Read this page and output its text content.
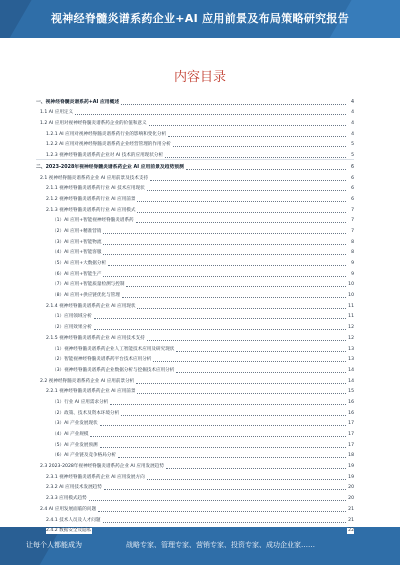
视神经脊髓炎谱系药企业+AI 应用前景及布局策略研究报告
内容目录
一、视神经脊髓炎谱系药+AI 应用概述	4
1.1 AI 应用定义	4
1.2 AI 应用对视神经脊髓炎谱系药企业的价值和意义	4
1.2.1 AI 应用对视神经脊髓炎谱系药行业的影响和变化分析	4
1.2.2 AI 应用对视神经脊髓炎谱系药企业经营管理的作用分析	5
1.2.3 视神经脊髓炎谱系药企业对 AI 技术的应用现状分析	5
二、2023-2028年视神经脊髓炎谱系药企业 AI 应用前景及趋势预测	6
2.1 视神经脊髓炎谱系药企业 AI 应用前景及技术支持	6
2.1.1 视神经脊髓炎谱系药行业 AI 技术应用现状	6
2.1.2 视神经脊髓炎谱系药行业 AI 应用前景	6
2.1.3 视神经脊髓炎谱系药行业 AI 应用模式	7
（1）AI 应用+智能视神经脊髓炎谱系药	7
（2）AI 应用+精准营销	7
（3）AI 应用+智能物流	8
（4）AI 应用+智能客服	8
（5）AI 应用+大数据分析	9
（6）AI 应用+智能生产	9
（7）AI 应用+智能质量检测与控制	10
（8）AI 应用+供应链优化与管理	10
2.1.4 视神经脊髓炎谱系药企业 AI 应用现状	11
（1）应用领域分析	11
（2）应用效果分析	12
2.1.5 视神经脊髓炎谱系药企业 AI 应用技术支持	12
（1）视神经脊髓炎谱系药企业人工智能技术应用及研究现状	13
（2）智能视神经脊髓炎谱系药平台技术应用分析	13
（3）视神经脊髓炎谱系药企业数据分析与挖掘技术应用分析	14
2.2 视神经脊髓炎谱系药企业 AI 应用前景分析	14
2.2.1 视神经脊髓炎谱系药企业 AI 应用前景	15
（1）行业 AI 应用需求分析	16
（2）政策、技术及资本环境分析	16
（3）AI 产业发展现状	17
（4）AI 产业规模	17
（5）AI 产业发展预测	17
（6）AI 产业链及竞争格局分析	18
2.3 2023-2028年视神经脊髓炎谱系药企业 AI 应用发展趋势	19
2.3.1 视神经脊髓炎谱系药企业 AI 应用发展方向	19
2.3.2 AI 应用技术发展趋势	20
2.3.3 应用模式趋势	20
2.4 AI 应用发展面临的问题	21
2.4.1 技术人员及人才问题	21
2.4.2 数据安全及隐私	22
让每个人都能成为	战略专家、管理专家、营销专家、投资专家、成功企业家……
